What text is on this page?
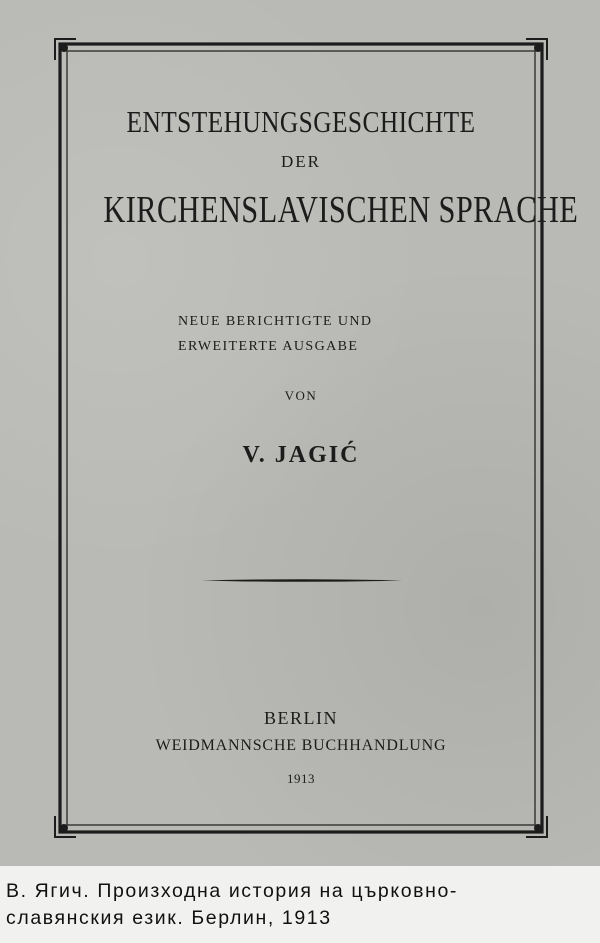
ENTSTEHUNGSGESCHICHTE
DER
KIRCHENSLAVISCHEN SPRACHE
NEUE BERICHTIGTE UND
ERWEITERTE AUSGABE
VON
V. JAGIĆ
BERLIN
WEIDMANNSCHE BUCHHANDLUNG
1913
В. Ягич. Произходна история на църковно-
славянския език. Берлин, 1913
